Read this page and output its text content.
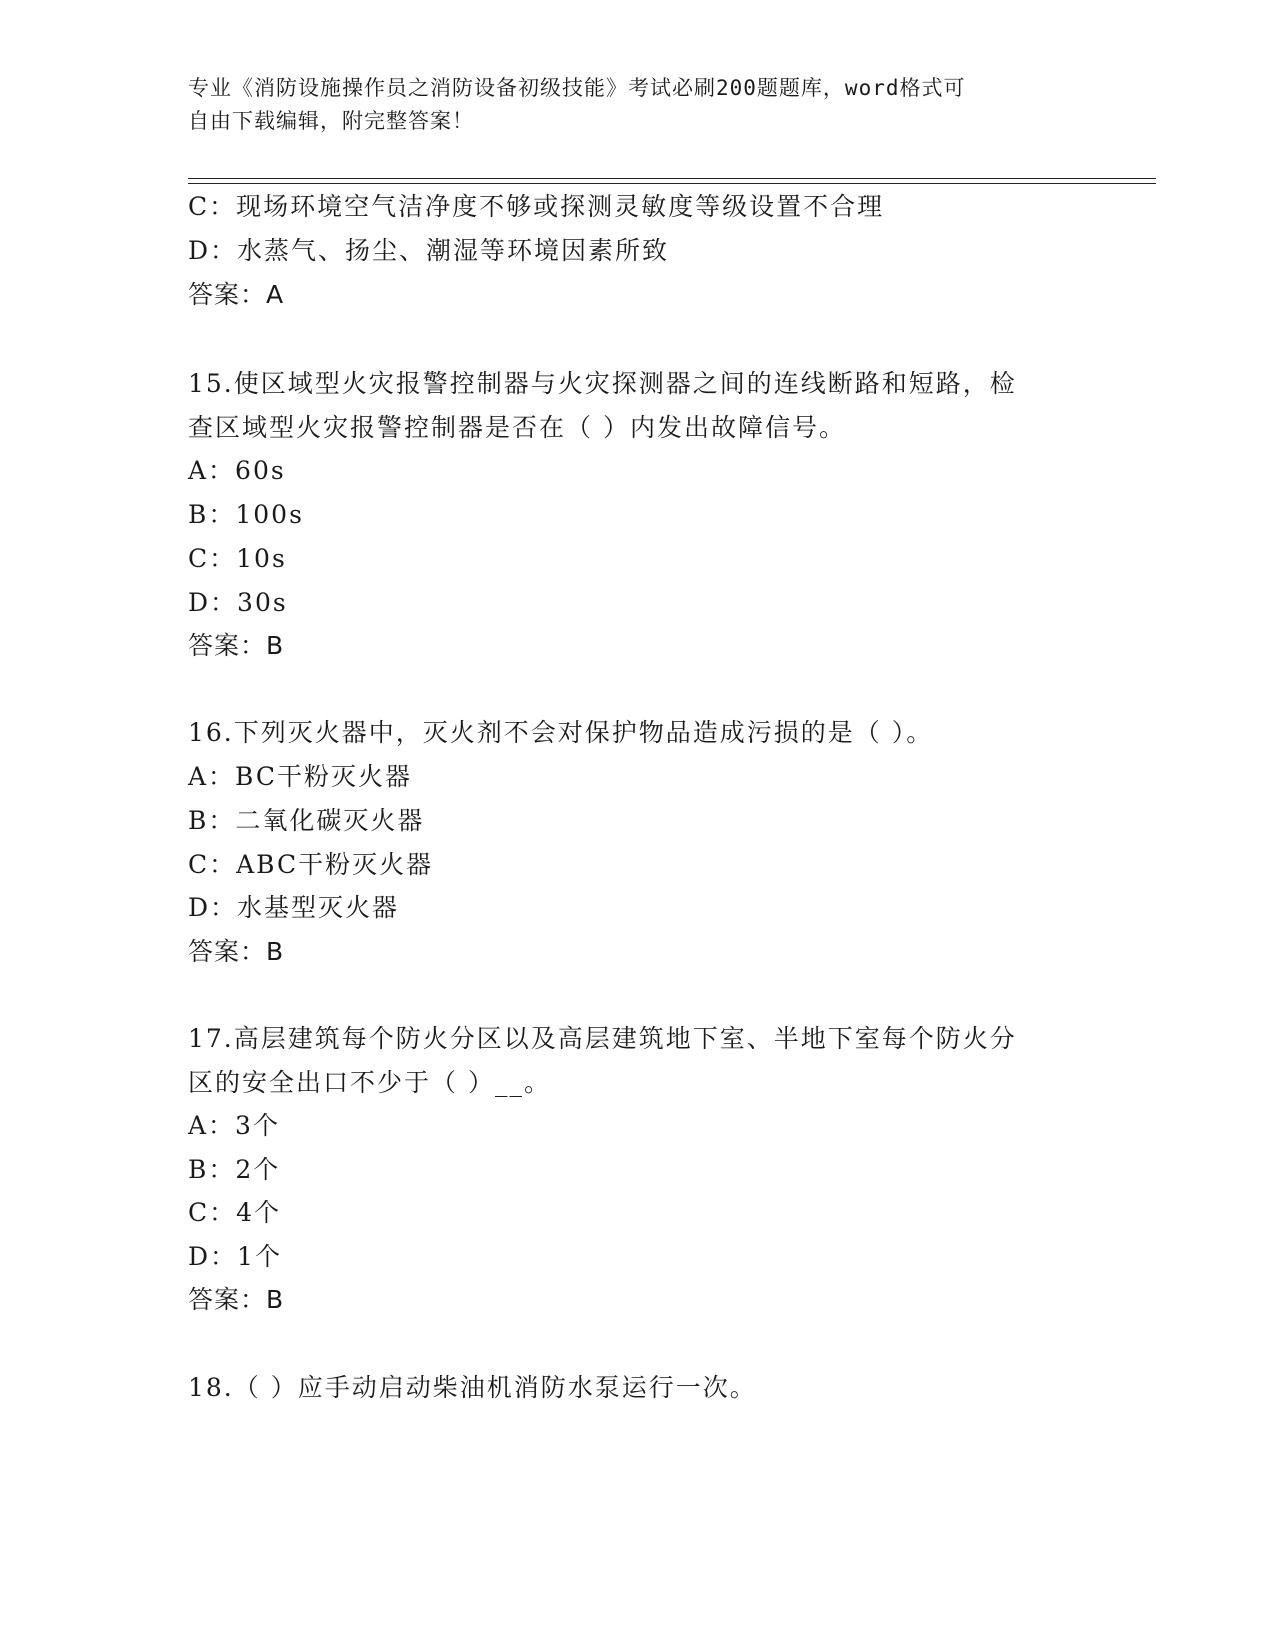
专业《消防设施操作员之消防设备初级技能》考试必刷200题题库，word格式可
自由下载编辑，附完整答案！
C：现场环境空气洁净度不够或探测灵敏度等级设置不合理
D：水蒸气、扬尘、潮湿等环境因素所致
答案：A
15.使区域型火灾报警控制器与火灾探测器之间的连线断路和短路，检
查区域型火灾报警控制器是否在（ ）内发出故障信号。
A：60s
B：100s
C：10s
D：30s
答案：B
16.下列灭火器中，灭火剂不会对保护物品造成污损的是（ ）。
A：BC干粉灭火器
B：二氧化碳灭火器
C：ABC干粉灭火器
D：水基型灭火器
答案：B
17.高层建筑每个防火分区以及高层建筑地下室、半地下室每个防火分
区的安全出口不少于（ ）__。
A：3个
B：2个
C：4个
D：1个
答案：B
18.（ ）应手动启动柴油机消防水泵运行一次。
